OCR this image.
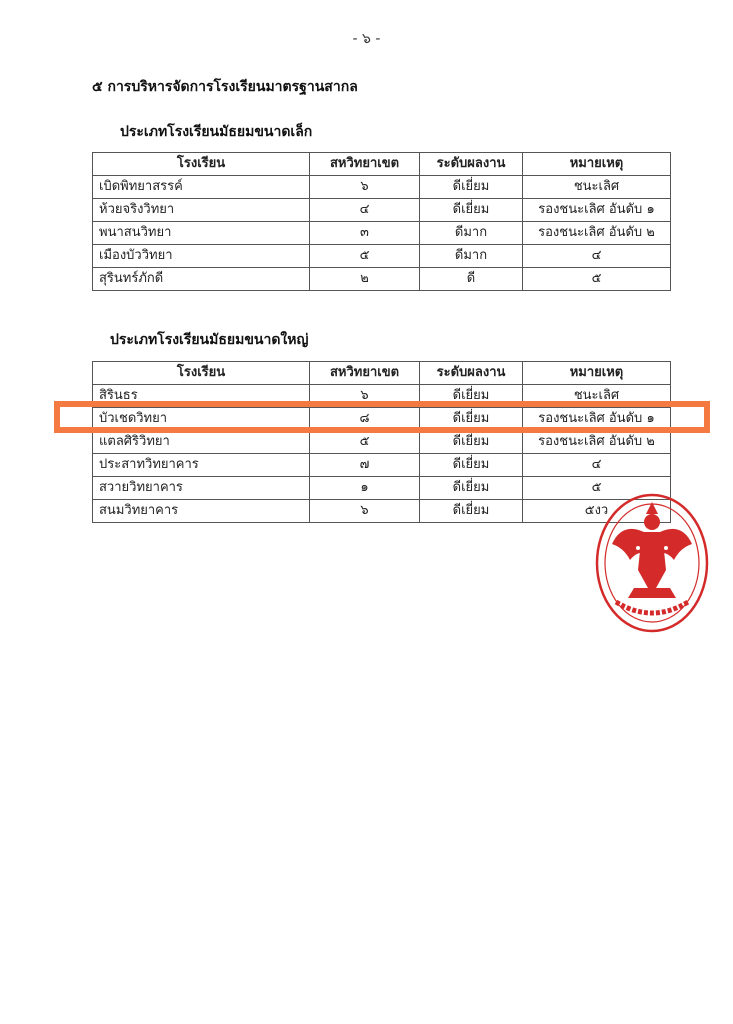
- ๖ -
๕ การบริหารจัดการโรงเรียนมาตรฐานสากล
ประเภทโรงเรียนมัธยมขนาดเล็ก
โรงเรียน	สหวิทยาเขต	ระดับผลงาน	หมายเหตุ
เบิดพิทยาสรรค์	๖	ดีเยี่ยม	ชนะเลิศ
ห้วยจริงวิทยา	๔	ดีเยี่ยม	รองชนะเลิศ อันดับ ๑
พนาสนวิทยา	๓	ดีมาก	รองชนะเลิศ อันดับ ๒
เมืองบัววิทยา	๕	ดีมาก	๔
สุรินทร์ภักดี	๒	ดี	๕
ประเภทโรงเรียนมัธยมขนาดใหญ่
โรงเรียน	สหวิทยาเขต	ระดับผลงาน	หมายเหตุ
สิรินธร	๖	ดีเยี่ยม	ชนะเลิศ
บัวเชดวิทยา	๘	ดีเยี่ยม	รองชนะเลิศ อันดับ ๑
แตลศิริวิทยา	๕	ดีเยี่ยม	รองชนะเลิศ อันดับ ๒
ประสาทวิทยาคาร	๗	ดีเยี่ยม	๔
สวายวิทยาคาร	๑	ดีเยี่ยม	๕
สนมวิทยาคาร	๖	ดีเยี่ยม	๕งว
